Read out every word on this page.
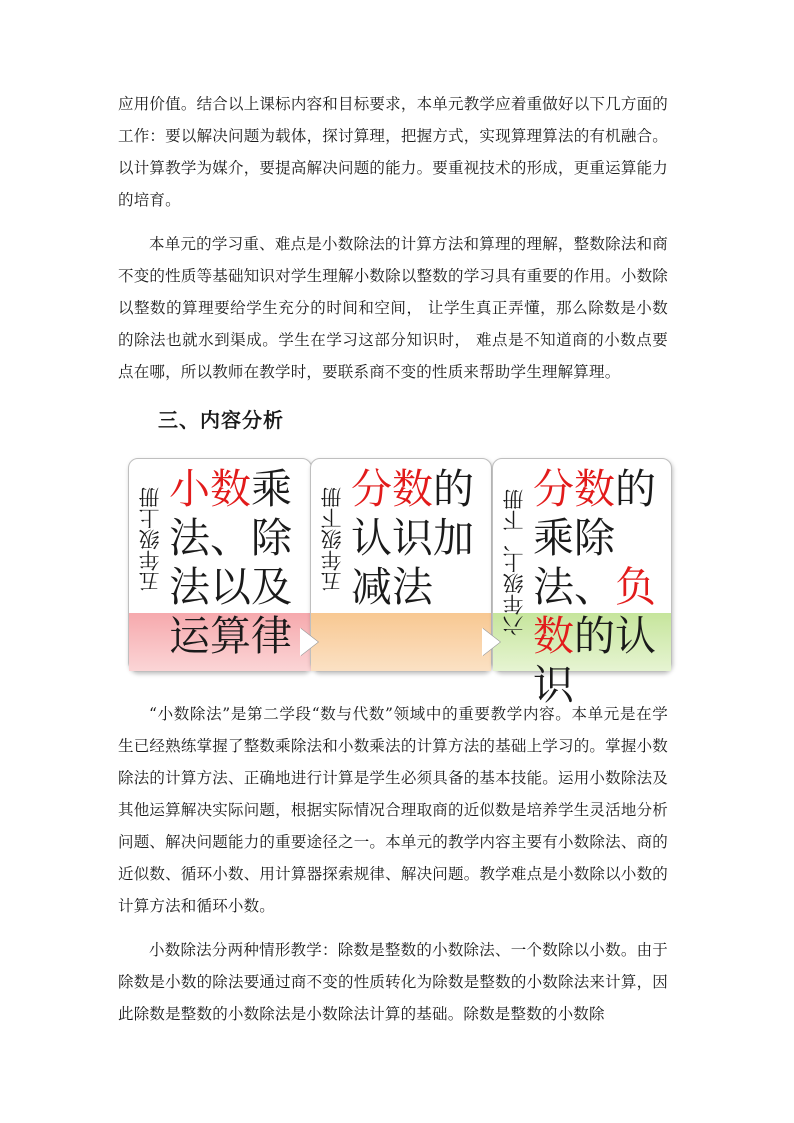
应用价值。结合以上课标内容和目标要求，本单元教学应着重做好以下几方面的工作：要以解决问题为载体，探讨算理，把握方式，实现算理算法的有机融合。以计算教学为媒介，要提高解决问题的能力。要重视技术的形成，更重运算能力的培育。

本单元的学习重、难点是小数除法的计算方法和算理的理解，整数除法和商不变的性质等基础知识对学生理解小数除以整数的学习具有重要的作用。小数除以整数的算理要给学生充分的时间和空间， 让学生真正弄懂，那么除数是小数的除法也就水到渠成。学生在学习这部分知识时， 难点是不知道商的小数点要点在哪，所以教师在教学时，要联系商不变的性质来帮助学生理解算理。

三、内容分析
五年级上册 小数乘法、除法以及运算律
五年级下册 分数的认识加减法	六年级上、下册
分数的乘除法、负数的认识

“小数除法”是第二学段“数与代数”领域中的重要教学内容。本单元是在学生已经熟练掌握了整数乘除法和小数乘法的计算方法的基础上学习的。掌握小数除法的计算方法、正确地进行计算是学生必须具备的基本技能。运用小数除法及其他运算解决实际问题，根据实际情况合理取商的近似数是培养学生灵活地分析问题、解决问题能力的重要途径之一。本单元的教学内容主要有小数除法、商的近似数、循环小数、用计算器探索规律、解决问题。教学难点是小数除以小数的计算方法和循环小数。

小数除法分两种情形教学：除数是整数的小数除法、一个数除以小数。由于除数是小数的除法要通过商不变的性质转化为除数是整数的小数除法来计算，因此除数是整数的小数除法是小数除法计算的基础。除数是整数的小数除
